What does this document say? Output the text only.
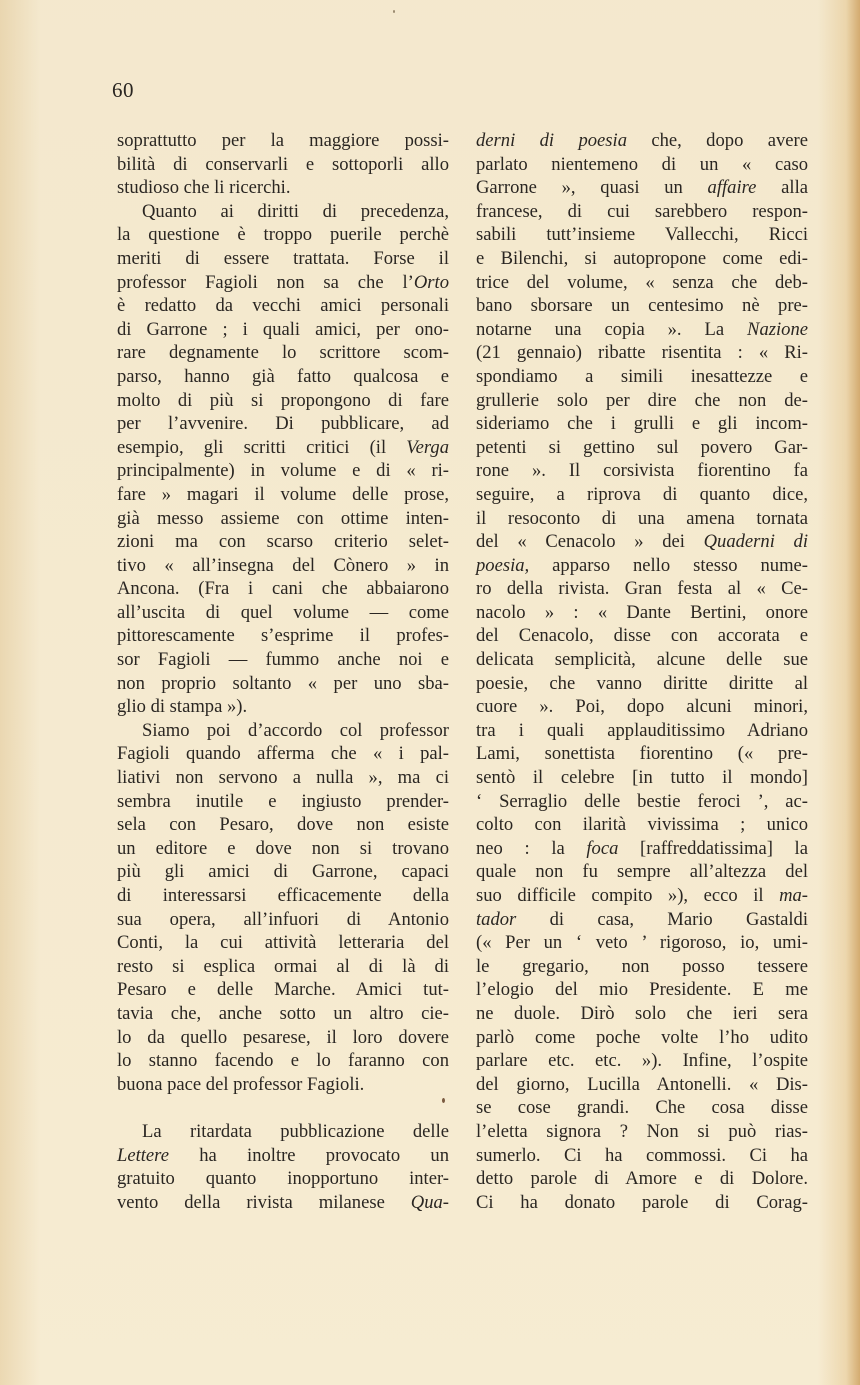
60
soprattutto per la maggiore possi-
bilità di conservarli e sottoporli allo
studioso che li ricerchi.
Quanto ai diritti di precedenza,
la questione è troppo puerile perchè
meriti di essere trattata. Forse il
professor Fagioli non sa che l’Orto
è redatto da vecchi amici personali
di Garrone ; i quali amici, per ono-
rare degnamente lo scrittore scom-
parso, hanno già fatto qualcosa e
molto di più si propongono di fare
per l’avvenire. Di pubblicare, ad
esempio, gli scritti critici (il Verga
principalmente) in volume e di « ri-
fare » magari il volume delle prose,
già messo assieme con ottime inten-
zioni ma con scarso criterio selet-
tivo « all’insegna del Cònero » in
Ancona. (Fra i cani che abbaiarono
all’uscita di quel volume — come
pittorescamente s’esprime il profes-
sor Fagioli — fummo anche noi e
non proprio soltanto « per uno sba-
glio di stampa »).
Siamo poi d’accordo col professor
Fagioli quando afferma che « i pal-
liativi non servono a nulla », ma ci
sembra inutile e ingiusto prender-
sela con Pesaro, dove non esiste
un editore e dove non si trovano
più gli amici di Garrone, capaci
di interessarsi efficacemente della
sua opera, all’infuori di Antonio
Conti, la cui attività letteraria del
resto si esplica ormai al di là di
Pesaro e delle Marche. Amici tut-
tavia che, anche sotto un altro cie-
lo da quello pesarese, il loro dovere
lo stanno facendo e lo faranno con
buona pace del professor Fagioli.
La ritardata pubblicazione delle
Lettere ha inoltre provocato un
gratuito quanto inopportuno inter-
vento della rivista milanese Qua-
derni di poesia che, dopo avere
parlato nientemeno di un « caso
Garrone », quasi un affaire alla
francese, di cui sarebbero respon-
sabili tutt’insieme Vallecchi, Ricci
e Bilenchi, si autopropone come edi-
trice del volume, « senza che deb-
bano sborsare un centesimo nè pre-
notarne una copia ». La Nazione
(21 gennaio) ribatte risentita : « Ri-
spondiamo a simili inesattezze e
grullerie solo per dire che non de-
sideriamo che i grulli e gli incom-
petenti si gettino sul povero Gar-
rone ». Il corsivista fiorentino fa
seguire, a riprova di quanto dice,
il resoconto di una amena tornata
del « Cenacolo » dei Quaderni di
poesia, apparso nello stesso nume-
ro della rivista. Gran festa al « Ce-
nacolo » : « Dante Bertini, onore
del Cenacolo, disse con accorata e
delicata semplicità, alcune delle sue
poesie, che vanno diritte diritte al
cuore ». Poi, dopo alcuni minori,
tra i quali applauditissimo Adriano
Lami, sonettista fiorentino (« pre-
sentò il celebre [in tutto il mondo]
‘ Serraglio delle bestie feroci ’, ac-
colto con ilarità vivissima ; unico
neo : la foca [raffreddatissima] la
quale non fu sempre all’altezza del
suo difficile compito »), ecco il ma-
tador di casa, Mario Gastaldi
(« Per un ‘ veto ’ rigoroso, io, umi-
le gregario, non posso tessere
l’elogio del mio Presidente. E me
ne duole. Dirò solo che ieri sera
parlò come poche volte l’ho udito
parlare etc. etc. »). Infine, l’ospite
del giorno, Lucilla Antonelli. « Dis-
se cose grandi. Che cosa disse
l’eletta signora ? Non si può rias-
sumerlo. Ci ha commossi. Ci ha
detto parole di Amore e di Dolore.
Ci ha donato parole di Corag-
